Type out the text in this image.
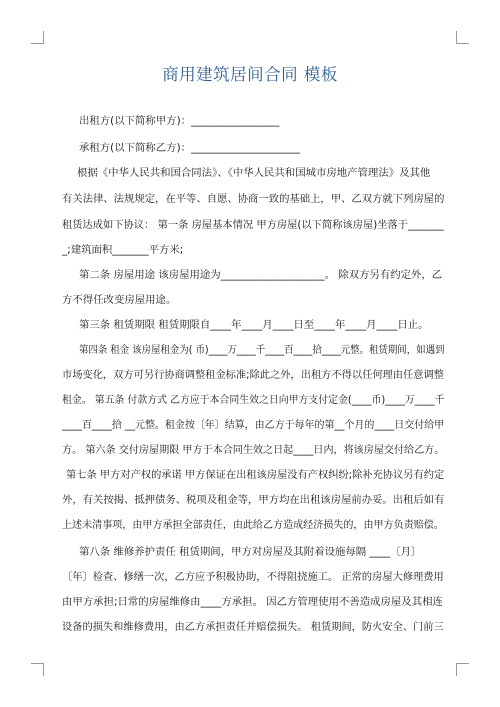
商用建筑居间合同 模板
出租方(以下简称甲方)：_________________
承租方(以下简称乙方)：_____________________
根据《中华人民共和国合同法》、《中华人民共和国城市房地产管理法》及其他
有关法律、法规规定，在平等、自愿、协商一致的基础上，甲、乙双方就下列房屋的
租赁达成如下协议： 第一条 房屋基本情况 甲方房屋(以下简称该房屋)坐落于_______
_;建筑面积_______平方米;
第二条 房屋用途 该房屋用途为____________________。 除双方另有约定外，乙
方不得任改变房屋用途。
第三条 租赁期限 租赁期限自____年____月____日至____年____月____日止。
第四条 租金 该房屋租金为( 币)____万____千____百____拾____元整。租赁期间，如遇到
市场变化，双方可另行协商调整租金标准;除此之外，出租方不得以任何理由任意调整
租金。 第五条 付款方式 乙方应于本合同生效之日向甲方支付定金(____币)____万____千
____百____拾 __元整。租金按〔年〕结算，由乙方于每年的第__个月的____日交付给甲
方。 第六条 交付房屋期限 甲方于本合同生效之日起____日内，将该房屋交付给乙方。
第七条 甲方对产权的承诺 甲方保证在出租该房屋没有产权纠纷;除补充协议另有约定
外，有关按揭、抵押债务、税项及租金等，甲方均在出租该房屋前办妥。出租后如有
上述未清事项，由甲方承担全部责任，由此给乙方造成经济损失的，由甲方负责赔偿。
第八条 维修养护责任 租赁期间，甲方对房屋及其附着设施每隔 ____〔月〕
〔年〕检查、修缮一次，乙方应予积极协助，不得阻挠施工。 正常的房屋大修理费用
由甲方承担;日常的房屋维修由____方承担。 因乙方管理使用不善造成房屋及其相连
设备的损失和维修费用，由乙方承担责任并赔偿损失。 租赁期间，防火安全、门前三
